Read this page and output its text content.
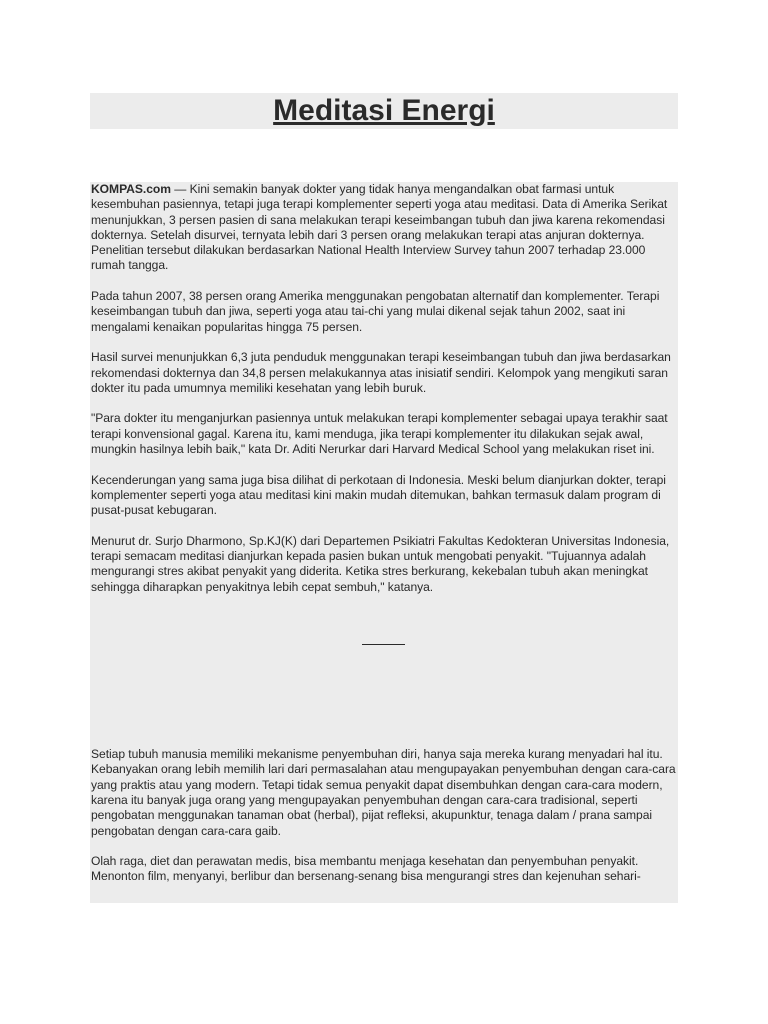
Meditasi Energi

KOMPAS.com — Kini semakin banyak dokter yang tidak hanya mengandalkan obat farmasi untuk kesembuhan pasiennya, tetapi juga terapi komplementer seperti yoga atau meditasi. Data di Amerika Serikat menunjukkan, 3 persen pasien di sana melakukan terapi keseimbangan tubuh dan jiwa karena rekomendasi dokternya. Setelah disurvei, ternyata lebih dari 3 persen orang melakukan terapi atas anjuran dokternya. Penelitian tersebut dilakukan berdasarkan National Health Interview Survey tahun 2007 terhadap 23.000 rumah tangga.

Pada tahun 2007, 38 persen orang Amerika menggunakan pengobatan alternatif dan komplementer. Terapi keseimbangan tubuh dan jiwa, seperti yoga atau tai-chi yang mulai dikenal sejak tahun 2002, saat ini mengalami kenaikan popularitas hingga 75 persen.

Hasil survei menunjukkan 6,3 juta penduduk menggunakan terapi keseimbangan tubuh dan jiwa berdasarkan rekomendasi dokternya dan 34,8 persen melakukannya atas inisiatif sendiri. Kelompok yang mengikuti saran dokter itu pada umumnya memiliki kesehatan yang lebih buruk.

"Para dokter itu menganjurkan pasiennya untuk melakukan terapi komplementer sebagai upaya terakhir saat terapi konvensional gagal. Karena itu, kami menduga, jika terapi komplementer itu dilakukan sejak awal, mungkin hasilnya lebih baik," kata Dr. Aditi Nerurkar dari Harvard Medical School yang melakukan riset ini.

Kecenderungan yang sama juga bisa dilihat di perkotaan di Indonesia. Meski belum dianjurkan dokter, terapi komplementer seperti yoga atau meditasi kini makin mudah ditemukan, bahkan termasuk dalam program di pusat-pusat kebugaran.

Menurut dr. Surjo Dharmono, Sp.KJ(K) dari Departemen Psikiatri Fakultas Kedokteran Universitas Indonesia, terapi semacam meditasi dianjurkan kepada pasien bukan untuk mengobati penyakit. "Tujuannya adalah mengurangi stres akibat penyakit yang diderita. Ketika stres berkurang, kekebalan tubuh akan meningkat sehingga diharapkan penyakitnya lebih cepat sembuh," katanya.

Setiap tubuh manusia memiliki mekanisme penyembuhan diri, hanya saja mereka kurang menyadari hal itu. Kebanyakan orang lebih memilih lari dari permasalahan atau mengupayakan penyembuhan dengan cara-cara yang praktis atau yang modern. Tetapi tidak semua penyakit dapat disembuhkan dengan cara-cara modern, karena itu banyak juga orang yang mengupayakan penyembuhan dengan cara-cara tradisional, seperti pengobatan menggunakan tanaman obat (herbal), pijat refleksi, akupunktur, tenaga dalam / prana sampai pengobatan dengan cara-cara gaib.

Olah raga, diet dan perawatan medis, bisa membantu menjaga kesehatan dan penyembuhan penyakit. Menonton film, menyanyi, berlibur dan bersenang-senang bisa mengurangi stres dan kejenuhan sehari-
